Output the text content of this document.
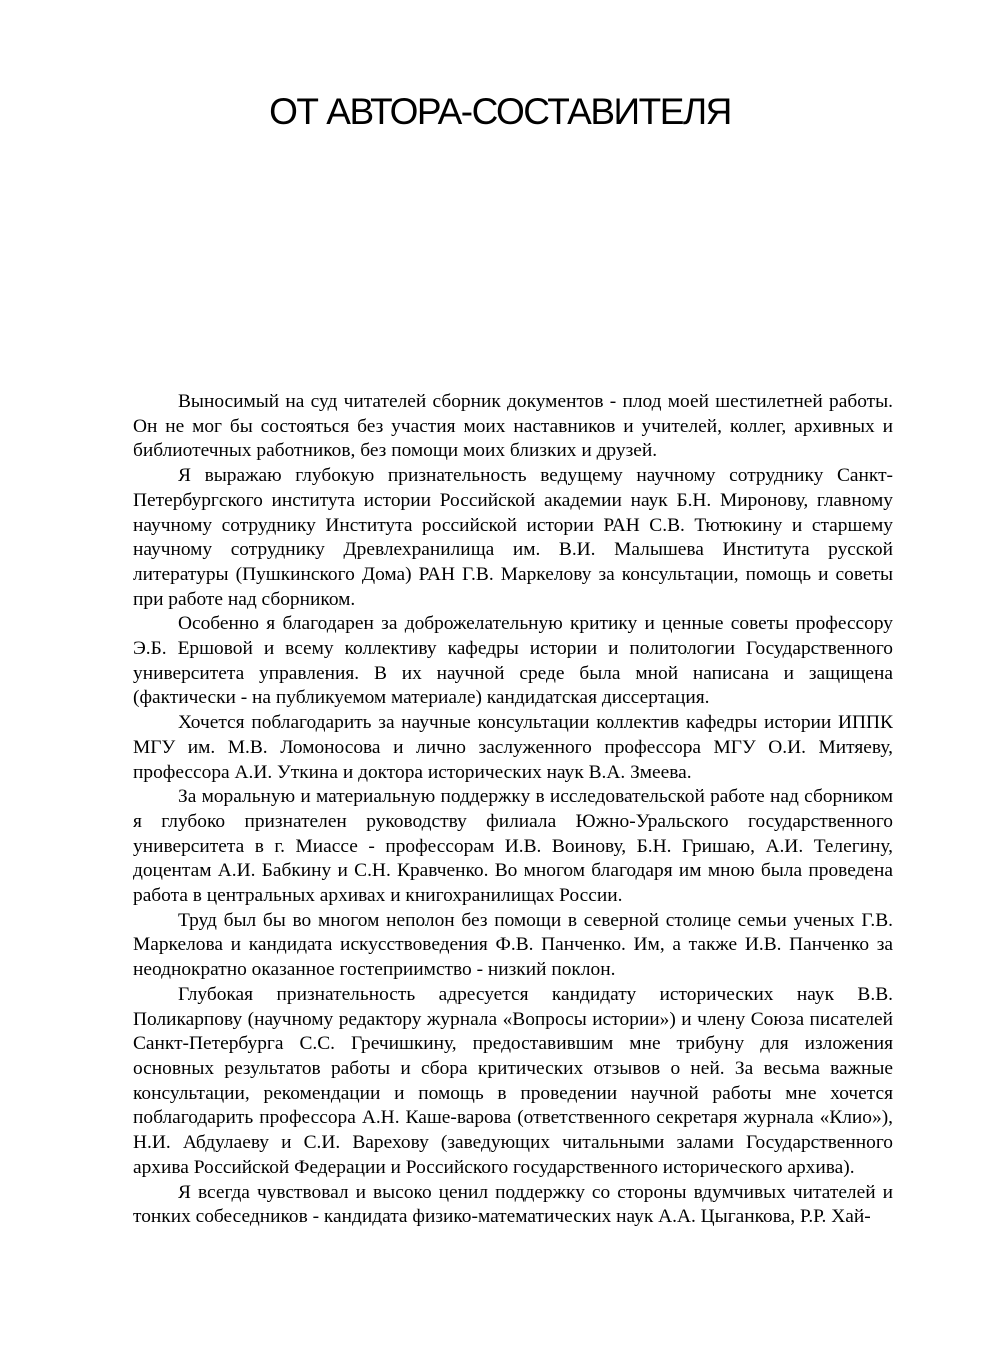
ОТ АВТОРА-СОСТАВИТЕЛЯ

Выносимый на суд читателей сборник документов - плод моей шестилетней работы. Он не мог бы состояться без участия моих наставников и учителей, коллег, архивных и библиотечных работников, без помощи моих близких и друзей.

Я выражаю глубокую признательность ведущему научному сотруднику Санкт-Петербургского института истории Российской академии наук Б.Н. Миронову, главному научному сотруднику Института российской истории РАН С.В. Тютюкину и старшему научному сотруднику Древлехранилища им. В.И. Малышева Института русской литературы (Пушкинского Дома) РАН Г.В. Маркелову за консультации, помощь и советы при работе над сборником.

Особенно я благодарен за доброжелательную критику и ценные советы профессору Э.Б. Ершовой и всему коллективу кафедры истории и политологии Государственного университета управления. В их научной среде была мной написана и защищена (фактически - на публикуемом материале) кандидатская диссертация.

Хочется поблагодарить за научные консультации коллектив кафедры истории ИППК МГУ им. М.В. Ломоносова и лично заслуженного профессора МГУ О.И. Митяеву, профессора А.И. Уткина и доктора исторических наук В.А. Змеева.

За моральную и материальную поддержку в исследовательской работе над сборником я глубоко признателен руководству филиала Южно-Уральского государственного университета в г. Миассе - профессорам И.В. Воинову, Б.Н. Гришаю, А.И. Телегину, доцентам А.И. Бабкину и С.Н. Кравченко. Во многом благодаря им мною была проведена работа в центральных архивах и книгохранилищах России.

Труд был бы во многом неполон без помощи в северной столице семьи ученых Г.В. Маркелова и кандидата искусствоведения Ф.В. Панченко. Им, а также И.В. Панченко за неоднократно оказанное гостеприимство - низкий поклон.

Глубокая признательность адресуется кандидату исторических наук В.В. Поликарпову (научному редактору журнала «Вопросы истории») и члену Союза писателей Санкт-Петербурга С.С. Гречишкину, предоставившим мне трибуну для изложения основных результатов работы и сбора критических отзывов о ней. За весьма важные консультации, рекомендации и помощь в проведении научной работы мне хочется поблагодарить профессора А.Н. Каше-варова (ответственного секретаря журнала «Клио»), Н.И. Абдулаеву и С.И. Варехову (заведующих читальными залами Государственного архива Российской Федерации и Российского государственного исторического архива).

Я всегда чувствовал и высоко ценил поддержку со стороны вдумчивых читателей и тонких собеседников - кандидата физико-математических наук А.А. Цыганкова, Р.Р. Хай-
